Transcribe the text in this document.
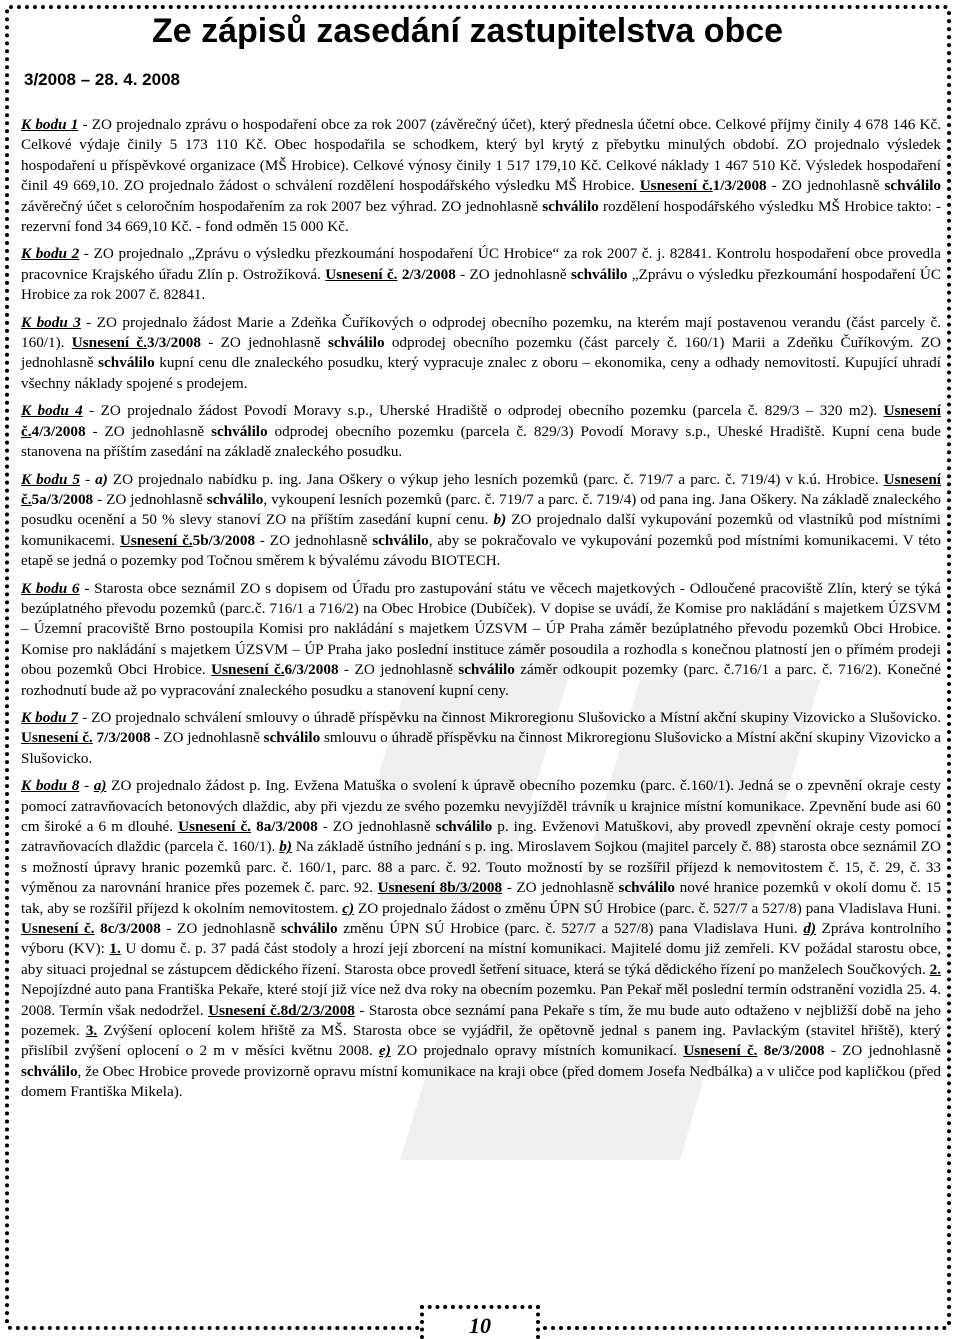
Ze zápisů zasedání zastupitelstva obce
3/2008 – 28. 4. 2008

K bodu 1 - ZO projednalo zprávu o hospodaření obce za rok 2007 (závěrečný účet), který přednesla účetní obce. Celkové příjmy činily 4 678 146 Kč. Celkové výdaje činily 5 173 110 Kč. Obec hospodařila se schodkem, který byl krytý z přebytku minulých období. ZO projednalo výsledek hospodaření u příspěvkové organizace (MŠ Hrobice). Celkové výnosy činily 1 517 179,10 Kč. Celkové náklady 1 467 510 Kč. Výsledek hospodaření činil 49 669,10. ZO projednalo žádost o schválení rozdělení hospodářského výsledku MŠ Hrobice. Usnesení č.1/3/2008 - ZO jednohlasně schválilo závěrečný účet s celoročním hospodařením za rok 2007 bez výhrad. ZO jednohlasně schválilo rozdělení hospodářského výsledku MŠ Hrobice takto: - rezervní fond 34 669,10 Kč. - fond odměn 15 000 Kč.

K bodu 2 - ZO projednalo „Zprávu o výsledku přezkoumání hospodaření ÚC Hrobice“ za rok 2007 č. j. 82841. Kontrolu hospodaření obce provedla pracovnice Krajského úřadu Zlín p. Ostrožíková. Usnesení č. 2/3/2008 - ZO jednohlasně schválilo „Zprávu o výsledku přezkoumání hospodaření ÚC Hrobice za rok 2007 č. 82841.

K bodu 3 - ZO projednalo žádost Marie a Zdeňka Čuříkových o odprodej obecního pozemku, na kterém mají postavenou verandu (část parcely č. 160/1). Usnesení č.3/3/2008 - ZO jednohlasně schválilo odprodej obecního pozemku (část parcely č. 160/1) Marii a Zdeňku Čuříkovým. ZO jednohlasně schválilo kupní cenu dle znaleckého posudku, který vypracuje znalec z oboru – ekonomika, ceny a odhady nemovitostí. Kupující uhradí všechny náklady spojené s prodejem.

K bodu 4 - ZO projednalo žádost Povodí Moravy s.p., Uherské Hradiště o odprodej obecního pozemku (parcela č. 829/3 – 320 m2). Usnesení č.4/3/2008 - ZO jednohlasně schválilo odprodej obecního pozemku (parcela č. 829/3) Povodí Moravy s.p., Uheské Hradiště. Kupní cena bude stanovena na příštím zasedání na základě znaleckého posudku.

K bodu 5 - a) ZO projednalo nabídku p. ing. Jana Oškery o výkup jeho lesních pozemků (parc. č. 719/7 a parc. č. 719/4) v k.ú. Hrobice. Usnesení č.5a/3/2008 - ZO jednohlasně schválilo, vykoupení lesních pozemků (parc. č. 719/7 a parc. č. 719/4) od pana ing. Jana Oškery. Na základě znaleckého posudku ocenění a 50 % slevy stanoví ZO na příštím zasedání kupní cenu. b) ZO projednalo další vykupování pozemků od vlastníků pod místními komunikacemi. Usnesení č.5b/3/2008 - ZO jednohlasně schválilo, aby se pokračovalo ve vykupování pozemků pod místními komunikacemi. V této etapě se jedná o pozemky pod Točnou směrem k bývalému závodu BIOTECH.

K bodu 6 - Starosta obce seznámil ZO s dopisem od Úřadu pro zastupování státu ve věcech majetkových - Odloučené pracoviště Zlín, který se týká bezúplatného převodu pozemků (parc.č. 716/1 a 716/2) na Obec Hrobice (Dubíček). V dopise se uvádí, že Komise pro nakládání s majetkem ÚZSVM – Územní pracoviště Brno postoupila Komisi pro nakládání s majetkem ÚZSVM – ÚP Praha záměr bezúplatného převodu pozemků Obci Hrobice. Komise pro nakládání s majetkem ÚZSVM – ÚP Praha jako poslední instituce záměr posoudila a rozhodla s konečnou platností jen o přímém prodeji obou pozemků Obci Hrobice. Usnesení č.6/3/2008 - ZO jednohlasně schválilo záměr odkoupit pozemky (parc. č.716/1 a parc. č. 716/2). Konečné rozhodnutí bude až po vypracování znaleckého posudku a stanovení kupní ceny.

K bodu 7 - ZO projednalo schválení smlouvy o úhradě příspěvku na činnost Mikroregionu Slušovicko a Místní akční skupiny Vizovicko a Slušovicko. Usnesení č. 7/3/2008 - ZO jednohlasně schválilo smlouvu o úhradě příspěvku na činnost Mikroregionu Slušovicko a Místní akční skupiny Vizovicko a Slušovicko.

K bodu 8 - a) ZO projednalo žádost p. Ing. Evžena Matuška o svolení k úpravě obecního pozemku (parc. č.160/1). Jedná se o zpevnění okraje cesty pomocí zatravňovacích betonových dlaždic, aby při vjezdu ze svého pozemku nevyjížděl trávník u krajnice místní komunikace. Zpevnění bude asi 60 cm široké a 6 m dlouhé. Usnesení č. 8a/3/2008 - ZO jednohlasně schválilo p. ing. Evženovi Matuškovi, aby provedl zpevnění okraje cesty pomocí zatravňovacích dlaždic (parcela č. 160/1). b) Na základě ústního jednání s p. ing. Miroslavem Sojkou (majitel parcely č. 88) starosta obce seznámil ZO s možností úpravy hranic pozemků parc. č. 160/1, parc. 88 a parc. č. 92. Touto možností by se rozšířil příjezd k nemovitostem č. 15, č. 29, č. 33 výměnou za narovnání hranice přes pozemek č. parc. 92. Usnesení 8b/3/2008 - ZO jednohlasně schválilo nové hranice pozemků v okolí domu č. 15 tak, aby se rozšířil příjezd k okolním nemovitostem. c) ZO projednalo žádost o změnu ÚPN SÚ Hrobice (parc. č. 527/7 a 527/8) pana Vladislava Huni. Usnesení č. 8c/3/2008 - ZO jednohlasně schválilo změnu ÚPN SÚ Hrobice (parc. č. 527/7 a 527/8) pana Vladislava Huni. d) Zpráva kontrolního výboru (KV): 1. U domu č. p. 37 padá část stodoly a hrozí její zborcení na místní komunikaci. Majitelé domu již zemřeli. KV požádal starostu obce, aby situaci projednal se zástupcem dědického řízení. Starosta obce provedl šetření situace, která se týká dědického řízení po manželech Součkových. 2. Nepojízdné auto pana Františka Pekaře, které stojí již více než dva roky na obecním pozemku. Pan Pekař měl poslední termín odstranění vozidla 25. 4. 2008. Termín však nedodržel. Usnesení č.8d/2/3/2008 - Starosta obce seznámí pana Pekaře s tím, že mu bude auto odtaženo v nejbližší době na jeho pozemek. 3. Zvýšení oplocení kolem hřiště za MŠ. Starosta obce se vyjádřil, že opětovně jednal s panem ing. Pavlackým (stavitel hřiště), který přislíbil zvýšení oplocení o 2 m v měsíci květnu 2008. e) ZO projednalo opravy místních komunikací. Usnesení č. 8e/3/2008 - ZO jednohlasně schválilo, že Obec Hrobice provede provizorně opravu místní komunikace na kraji obce (před domem Josefa Nedbálka) a v uličce pod kapličkou (před domem Františka Mikela).

10
